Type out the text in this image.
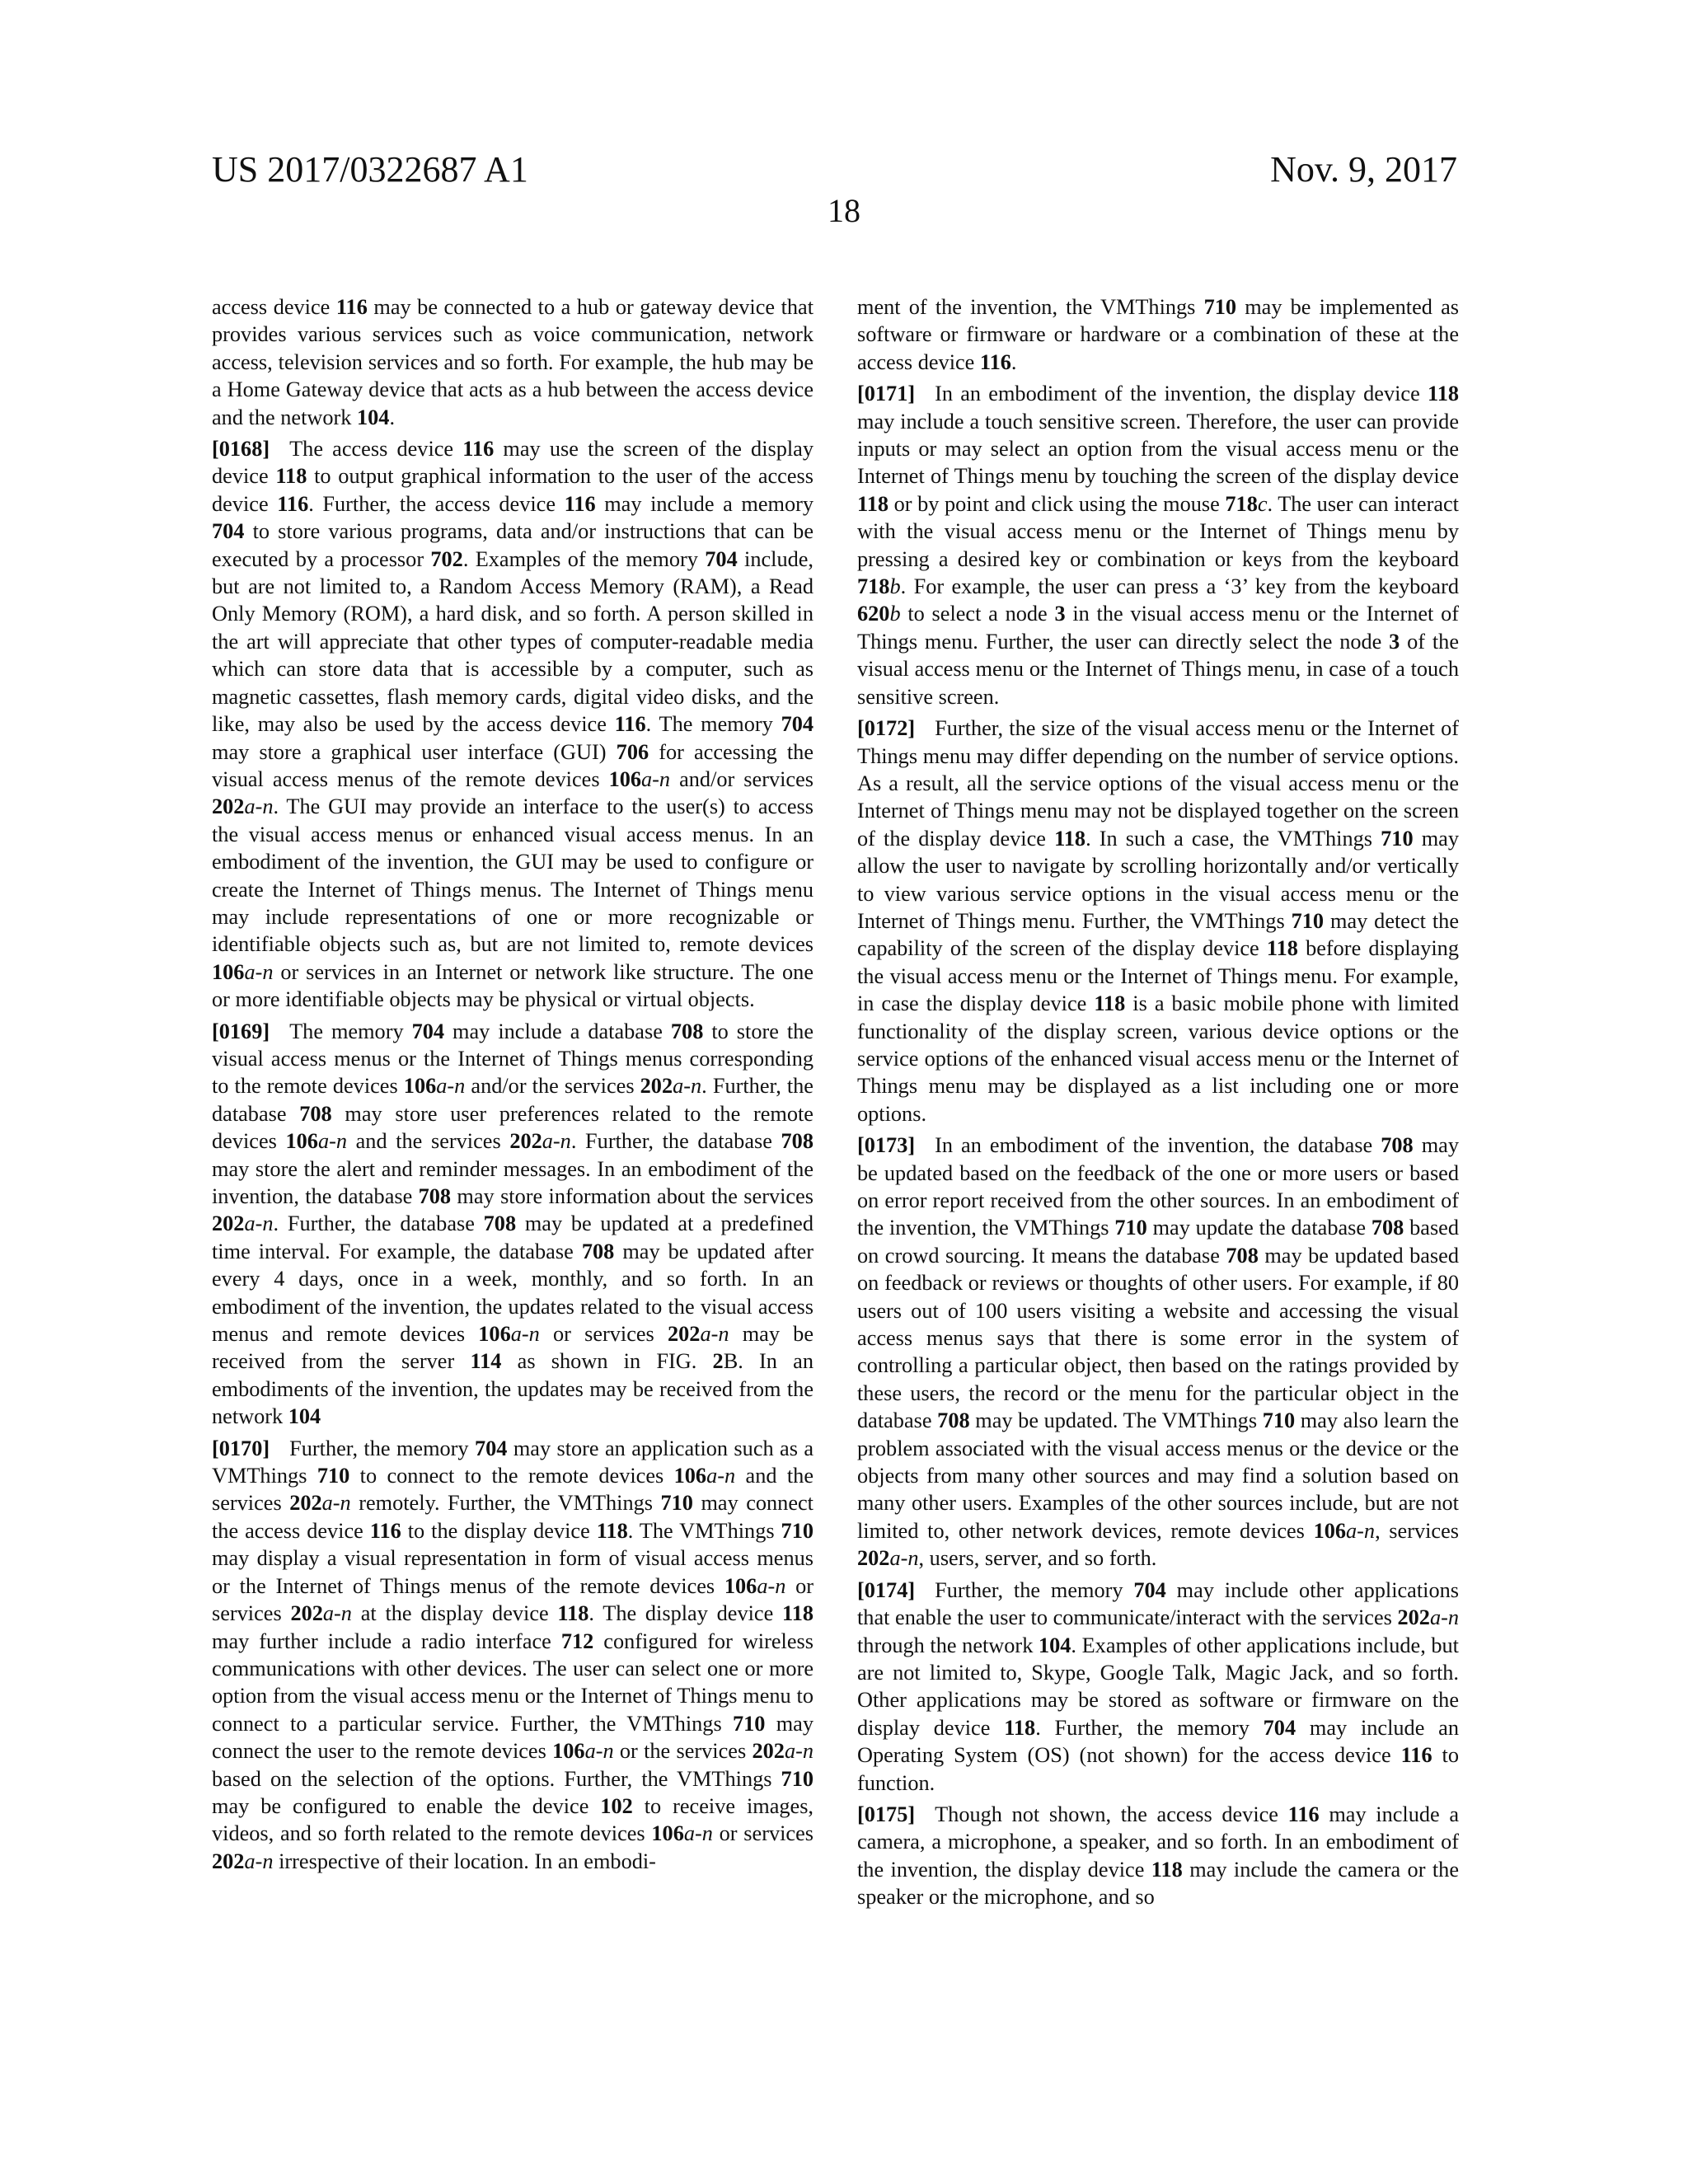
US 2017/0322687 A1	Nov. 9, 2017
18

access device 116 may be connected to a hub or gateway device that provides various services such as voice communication, network access, television services and so forth. For example, the hub may be a Home Gateway device that acts as a hub between the access device and the network 104.

[0168] The access device 116 may use the screen of the display device 118 to output graphical information to the user of the access device 116. Further, the access device 116 may include a memory 704 to store various programs, data and/or instructions that can be executed by a processor 702. Examples of the memory 704 include, but are not limited to, a Random Access Memory (RAM), a Read Only Memory (ROM), a hard disk, and so forth. A person skilled in the art will appreciate that other types of computer-readable media which can store data that is accessible by a computer, such as magnetic cassettes, flash memory cards, digital video disks, and the like, may also be used by the access device 116. The memory 704 may store a graphical user interface (GUI) 706 for accessing the visual access menus of the remote devices 106a-n and/or services 202a-n. The GUI may provide an interface to the user(s) to access the visual access menus or enhanced visual access menus. In an embodiment of the invention, the GUI may be used to configure or create the Internet of Things menus. The Internet of Things menu may include representations of one or more recognizable or identifiable objects such as, but are not limited to, remote devices 106a-n or services in an Internet or network like structure. The one or more identifiable objects may be physical or virtual objects.

[0169] The memory 704 may include a database 708 to store the visual access menus or the Internet of Things menus corresponding to the remote devices 106a-n and/or the services 202a-n. Further, the database 708 may store user preferences related to the remote devices 106a-n and the services 202a-n. Further, the database 708 may store the alert and reminder messages. In an embodiment of the invention, the database 708 may store information about the services 202a-n. Further, the database 708 may be updated at a predefined time interval. For example, the database 708 may be updated after every 4 days, once in a week, monthly, and so forth. In an embodiment of the invention, the updates related to the visual access menus and remote devices 106a-n or services 202a-n may be received from the server 114 as shown in FIG. 2B. In an embodiments of the invention, the updates may be received from the network 104

[0170] Further, the memory 704 may store an application such as a VMThings 710 to connect to the remote devices 106a-n and the services 202a-n remotely. Further, the VMThings 710 may connect the access device 116 to the display device 118. The VMThings 710 may display a visual representation in form of visual access menus or the Internet of Things menus of the remote devices 106a-n or services 202a-n at the display device 118. The display device 118 may further include a radio interface 712 configured for wireless communications with other devices. The user can select one or more option from the visual access menu or the Internet of Things menu to connect to a particular service. Further, the VMThings 710 may connect the user to the remote devices 106a-n or the services 202a-n based on the selection of the options. Further, the VMThings 710 may be configured to enable the device 102 to receive images, videos, and so forth related to the remote devices 106a-n or services 202a-n irrespective of their location. In an embodi-

ment of the invention, the VMThings 710 may be implemented as software or firmware or hardware or a combination of these at the access device 116.

[0171] In an embodiment of the invention, the display device 118 may include a touch sensitive screen. Therefore, the user can provide inputs or may select an option from the visual access menu or the Internet of Things menu by touching the screen of the display device 118 or by point and click using the mouse 718c. The user can interact with the visual access menu or the Internet of Things menu by pressing a desired key or combination or keys from the keyboard 718b. For example, the user can press a ‘3’ key from the keyboard 620b to select a node 3 in the visual access menu or the Internet of Things menu. Further, the user can directly select the node 3 of the visual access menu or the Internet of Things menu, in case of a touch sensitive screen.

[0172] Further, the size of the visual access menu or the Internet of Things menu may differ depending on the number of service options. As a result, all the service options of the visual access menu or the Internet of Things menu may not be displayed together on the screen of the display device 118. In such a case, the VMThings 710 may allow the user to navigate by scrolling horizontally and/or vertically to view various service options in the visual access menu or the Internet of Things menu. Further, the VMThings 710 may detect the capability of the screen of the display device 118 before displaying the visual access menu or the Internet of Things menu. For example, in case the display device 118 is a basic mobile phone with limited functionality of the display screen, various device options or the service options of the enhanced visual access menu or the Internet of Things menu may be displayed as a list including one or more options.

[0173] In an embodiment of the invention, the database 708 may be updated based on the feedback of the one or more users or based on error report received from the other sources. In an embodiment of the invention, the VMThings 710 may update the database 708 based on crowd sourcing. It means the database 708 may be updated based on feedback or reviews or thoughts of other users. For example, if 80 users out of 100 users visiting a website and accessing the visual access menus says that there is some error in the system of controlling a particular object, then based on the ratings provided by these users, the record or the menu for the particular object in the database 708 may be updated. The VMThings 710 may also learn the problem associated with the visual access menus or the device or the objects from many other sources and may find a solution based on many other users. Examples of the other sources include, but are not limited to, other network devices, remote devices 106a-n, services 202a-n, users, server, and so forth.

[0174] Further, the memory 704 may include other applications that enable the user to communicate/interact with the services 202a-n through the network 104. Examples of other applications include, but are not limited to, Skype, Google Talk, Magic Jack, and so forth. Other applications may be stored as software or firmware on the display device 118. Further, the memory 704 may include an Operating System (OS) (not shown) for the access device 116 to function.

[0175] Though not shown, the access device 116 may include a camera, a microphone, a speaker, and so forth. In an embodiment of the invention, the display device 118 may include the camera or the speaker or the microphone, and so
